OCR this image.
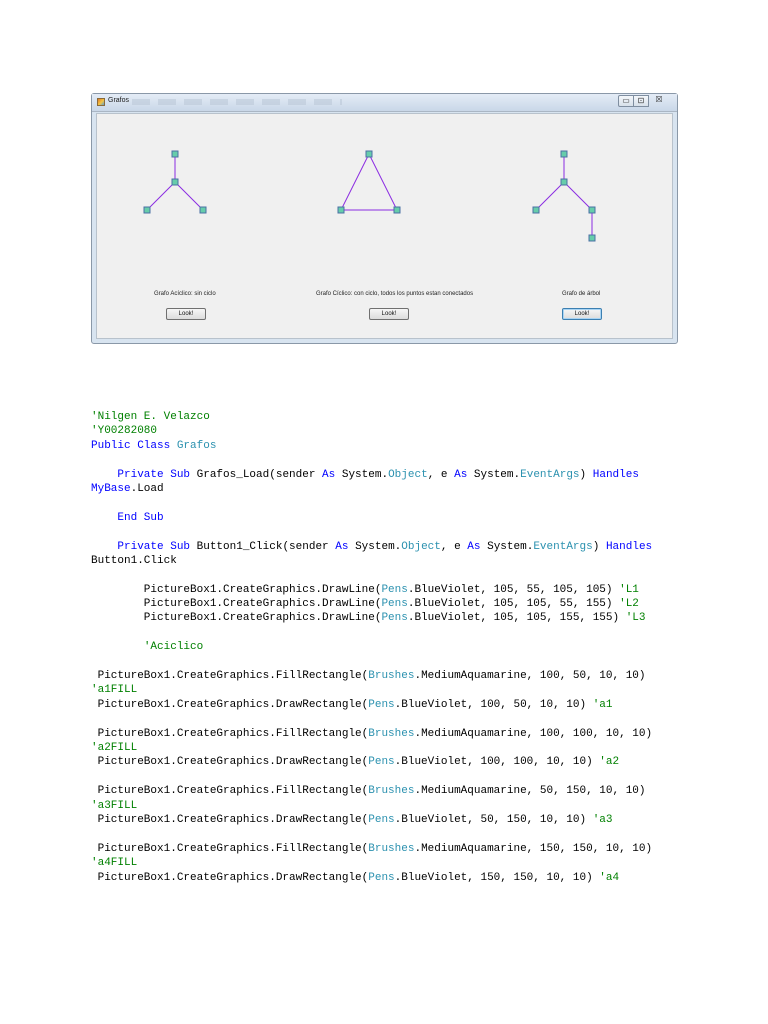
Grafos	▭ ⊡	☒
Grafo Acíclico: sin ciclo	Grafo Cíclico: con ciclo, todos los puntos estan conectados	Grafo de árbol
Look!	Look!	Look!
'Nilgen E. Velazco
'Y00282080
Public Class Grafos
Private Sub Grafos_Load(sender As System.Object, e As System.EventArgs) Handles
MyBase.Load
End Sub
Private Sub Button1_Click(sender As System.Object, e As System.EventArgs) Handles
Button1.Click
PictureBox1.CreateGraphics.DrawLine(Pens.BlueViolet, 105, 55, 105, 105) 'L1
PictureBox1.CreateGraphics.DrawLine(Pens.BlueViolet, 105, 105, 55, 155) 'L2
PictureBox1.CreateGraphics.DrawLine(Pens.BlueViolet, 105, 105, 155, 155) 'L3
'Aciclico
PictureBox1.CreateGraphics.FillRectangle(Brushes.MediumAquamarine, 100, 50, 10, 10)
'a1FILL
PictureBox1.CreateGraphics.DrawRectangle(Pens.BlueViolet, 100, 50, 10, 10) 'a1
PictureBox1.CreateGraphics.FillRectangle(Brushes.MediumAquamarine, 100, 100, 10, 10)
'a2FILL
PictureBox1.CreateGraphics.DrawRectangle(Pens.BlueViolet, 100, 100, 10, 10) 'a2
PictureBox1.CreateGraphics.FillRectangle(Brushes.MediumAquamarine, 50, 150, 10, 10)
'a3FILL
PictureBox1.CreateGraphics.DrawRectangle(Pens.BlueViolet, 50, 150, 10, 10) 'a3
PictureBox1.CreateGraphics.FillRectangle(Brushes.MediumAquamarine, 150, 150, 10, 10)
'a4FILL
PictureBox1.CreateGraphics.DrawRectangle(Pens.BlueViolet, 150, 150, 10, 10) 'a4
